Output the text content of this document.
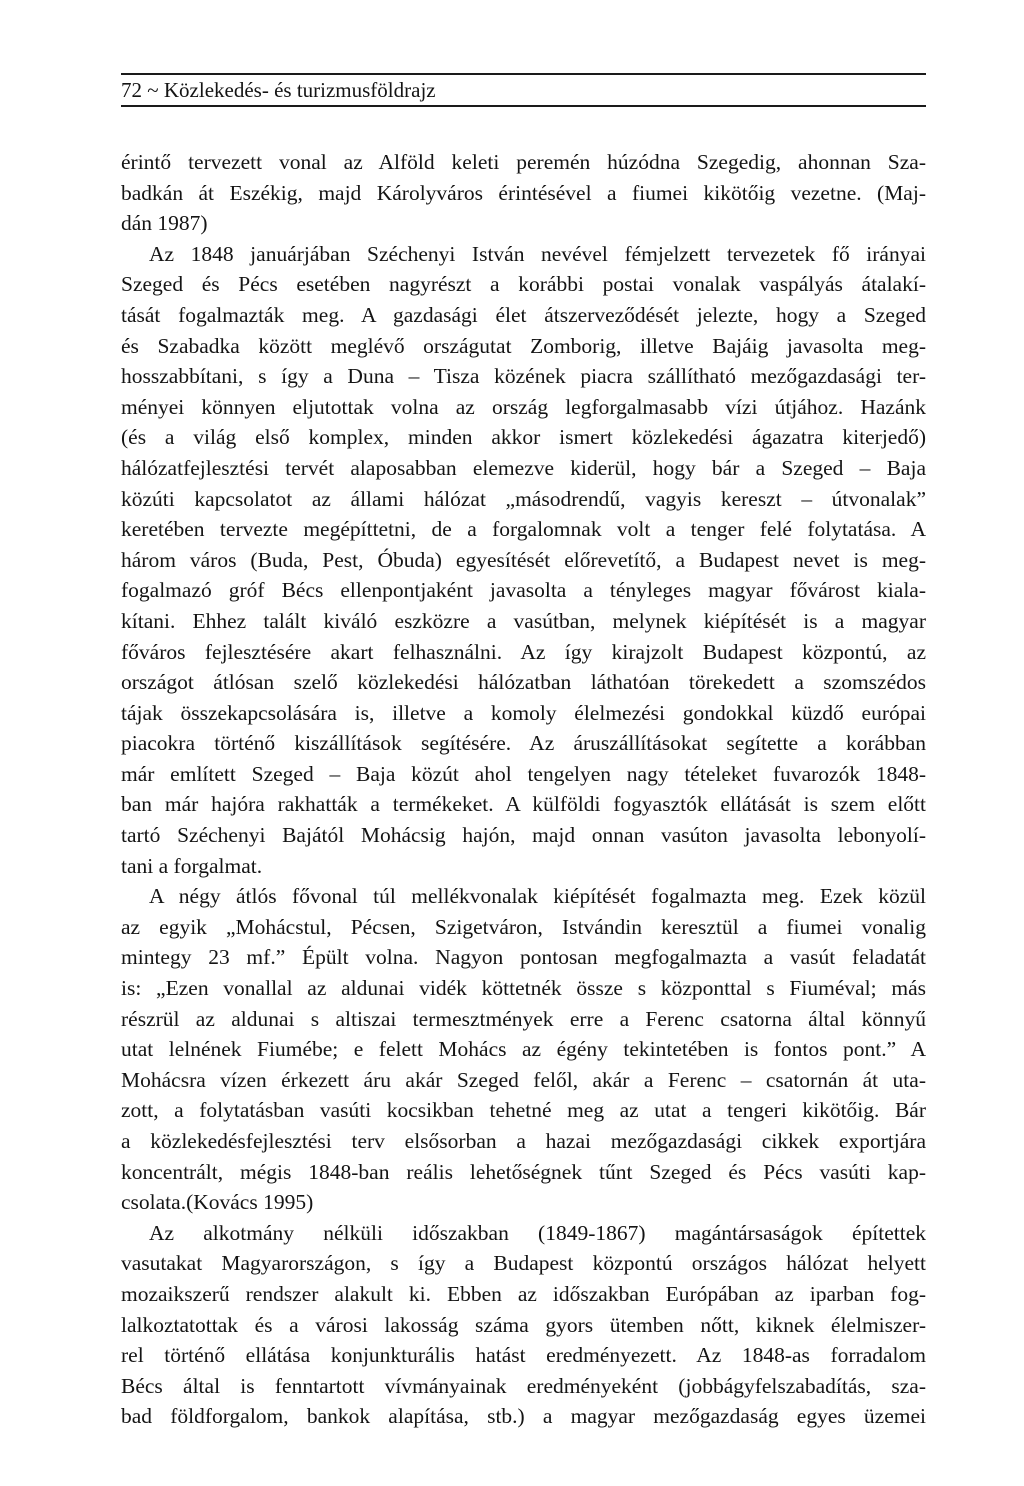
72
~
Közlekedés- és turizmusföldrajz
érintő tervezett vonal az Alföld keleti peremén húzódna Szegedig, ahonnan Sza-
badkán át Eszékig, majd Károlyváros érintésével a fiumei kikötőig vezetne. (Maj-
dán 1987)
Az 1848 januárjában Széchenyi István nevével fémjelzett tervezetek fő irányai
Szeged és Pécs esetében nagyrészt a korábbi postai vonalak vaspályás átalakí-
tását fogalmazták meg. A gazdasági élet átszerveződését jelezte, hogy a Szeged
és Szabadka között meglévő országutat Zomborig, illetve Bajáig javasolta meg-
hosszabbítani, s így a Duna – Tisza közének piacra szállítható mezőgazdasági ter-
ményei könnyen eljutottak volna az ország legforgalmasabb vízi útjához. Hazánk
(és a világ első komplex, minden akkor ismert közlekedési ágazatra kiterjedő)
hálózatfejlesztési tervét alaposabban elemezve kiderül, hogy bár a Szeged – Baja
közúti kapcsolatot az állami hálózat „másodrendű, vagyis kereszt – útvonalak”
keretében tervezte megépíttetni, de a forgalomnak volt a tenger felé folytatása. A
három város (Buda, Pest, Óbuda) egyesítését előrevetítő, a Budapest nevet is meg-
fogalmazó gróf Bécs ellenpontjaként javasolta a tényleges magyar fővárost kiala-
kítani. Ehhez talált kiváló eszközre a vasútban, melynek kiépítését is a magyar
főváros fejlesztésére akart felhasználni. Az így kirajzolt Budapest központú, az
országot átlósan szelő közlekedési hálózatban láthatóan törekedett a szomszédos
tájak összekapcsolására is, illetve a komoly élelmezési gondokkal küzdő európai
piacokra történő kiszállítások segítésére. Az áruszállításokat segítette a korábban
már említett Szeged – Baja közút ahol tengelyen nagy tételeket fuvarozók 1848-
ban már hajóra rakhatták a termékeket. A külföldi fogyasztók ellátását is szem előtt
tartó Széchenyi Bajától Mohácsig hajón, majd onnan vasúton javasolta lebonyolí-
tani a forgalmat.
A négy átlós fővonal túl mellékvonalak kiépítését fogalmazta meg. Ezek közül
az egyik „Mohácstul, Pécsen, Szigetváron, Istvándin keresztül a fiumei vonalig
mintegy 23 mf.” Épült volna. Nagyon pontosan megfogalmazta a vasút feladatát
is: „Ezen vonallal az aldunai vidék köttetnék össze s központtal s Fiuméval; más
részrül az aldunai s altiszai termesztmények erre a Ferenc csatorna által könnyű
utat lelnének Fiumébe; e felett Mohács az égény tekintetében is fontos pont.” A
Mohácsra vízen érkezett áru akár Szeged felől, akár a Ferenc – csatornán át uta-
zott, a folytatásban vasúti kocsikban tehetné meg az utat a tengeri kikötőig. Bár
a közlekedésfejlesztési terv elsősorban a hazai mezőgazdasági cikkek exportjára
koncentrált, mégis 1848-ban reális lehetőségnek tűnt Szeged és Pécs vasúti kap-
csolata.(Kovács 1995)
Az alkotmány nélküli időszakban (1849-1867) magántársaságok építettek
vasutakat Magyarországon, s így a Budapest központú országos hálózat helyett
mozaikszerű rendszer alakult ki. Ebben az időszakban Európában az iparban fog-
lalkoztatottak és a városi lakosság száma gyors ütemben nőtt, kiknek élelmiszer-
rel történő ellátása konjunkturális hatást eredményezett. Az 1848-as forradalom
Bécs által is fenntartott vívmányainak eredményeként (jobbágyfelszabadítás, sza-
bad földforgalom, bankok alapítása, stb.) a magyar mezőgazdaság egyes üzemei
